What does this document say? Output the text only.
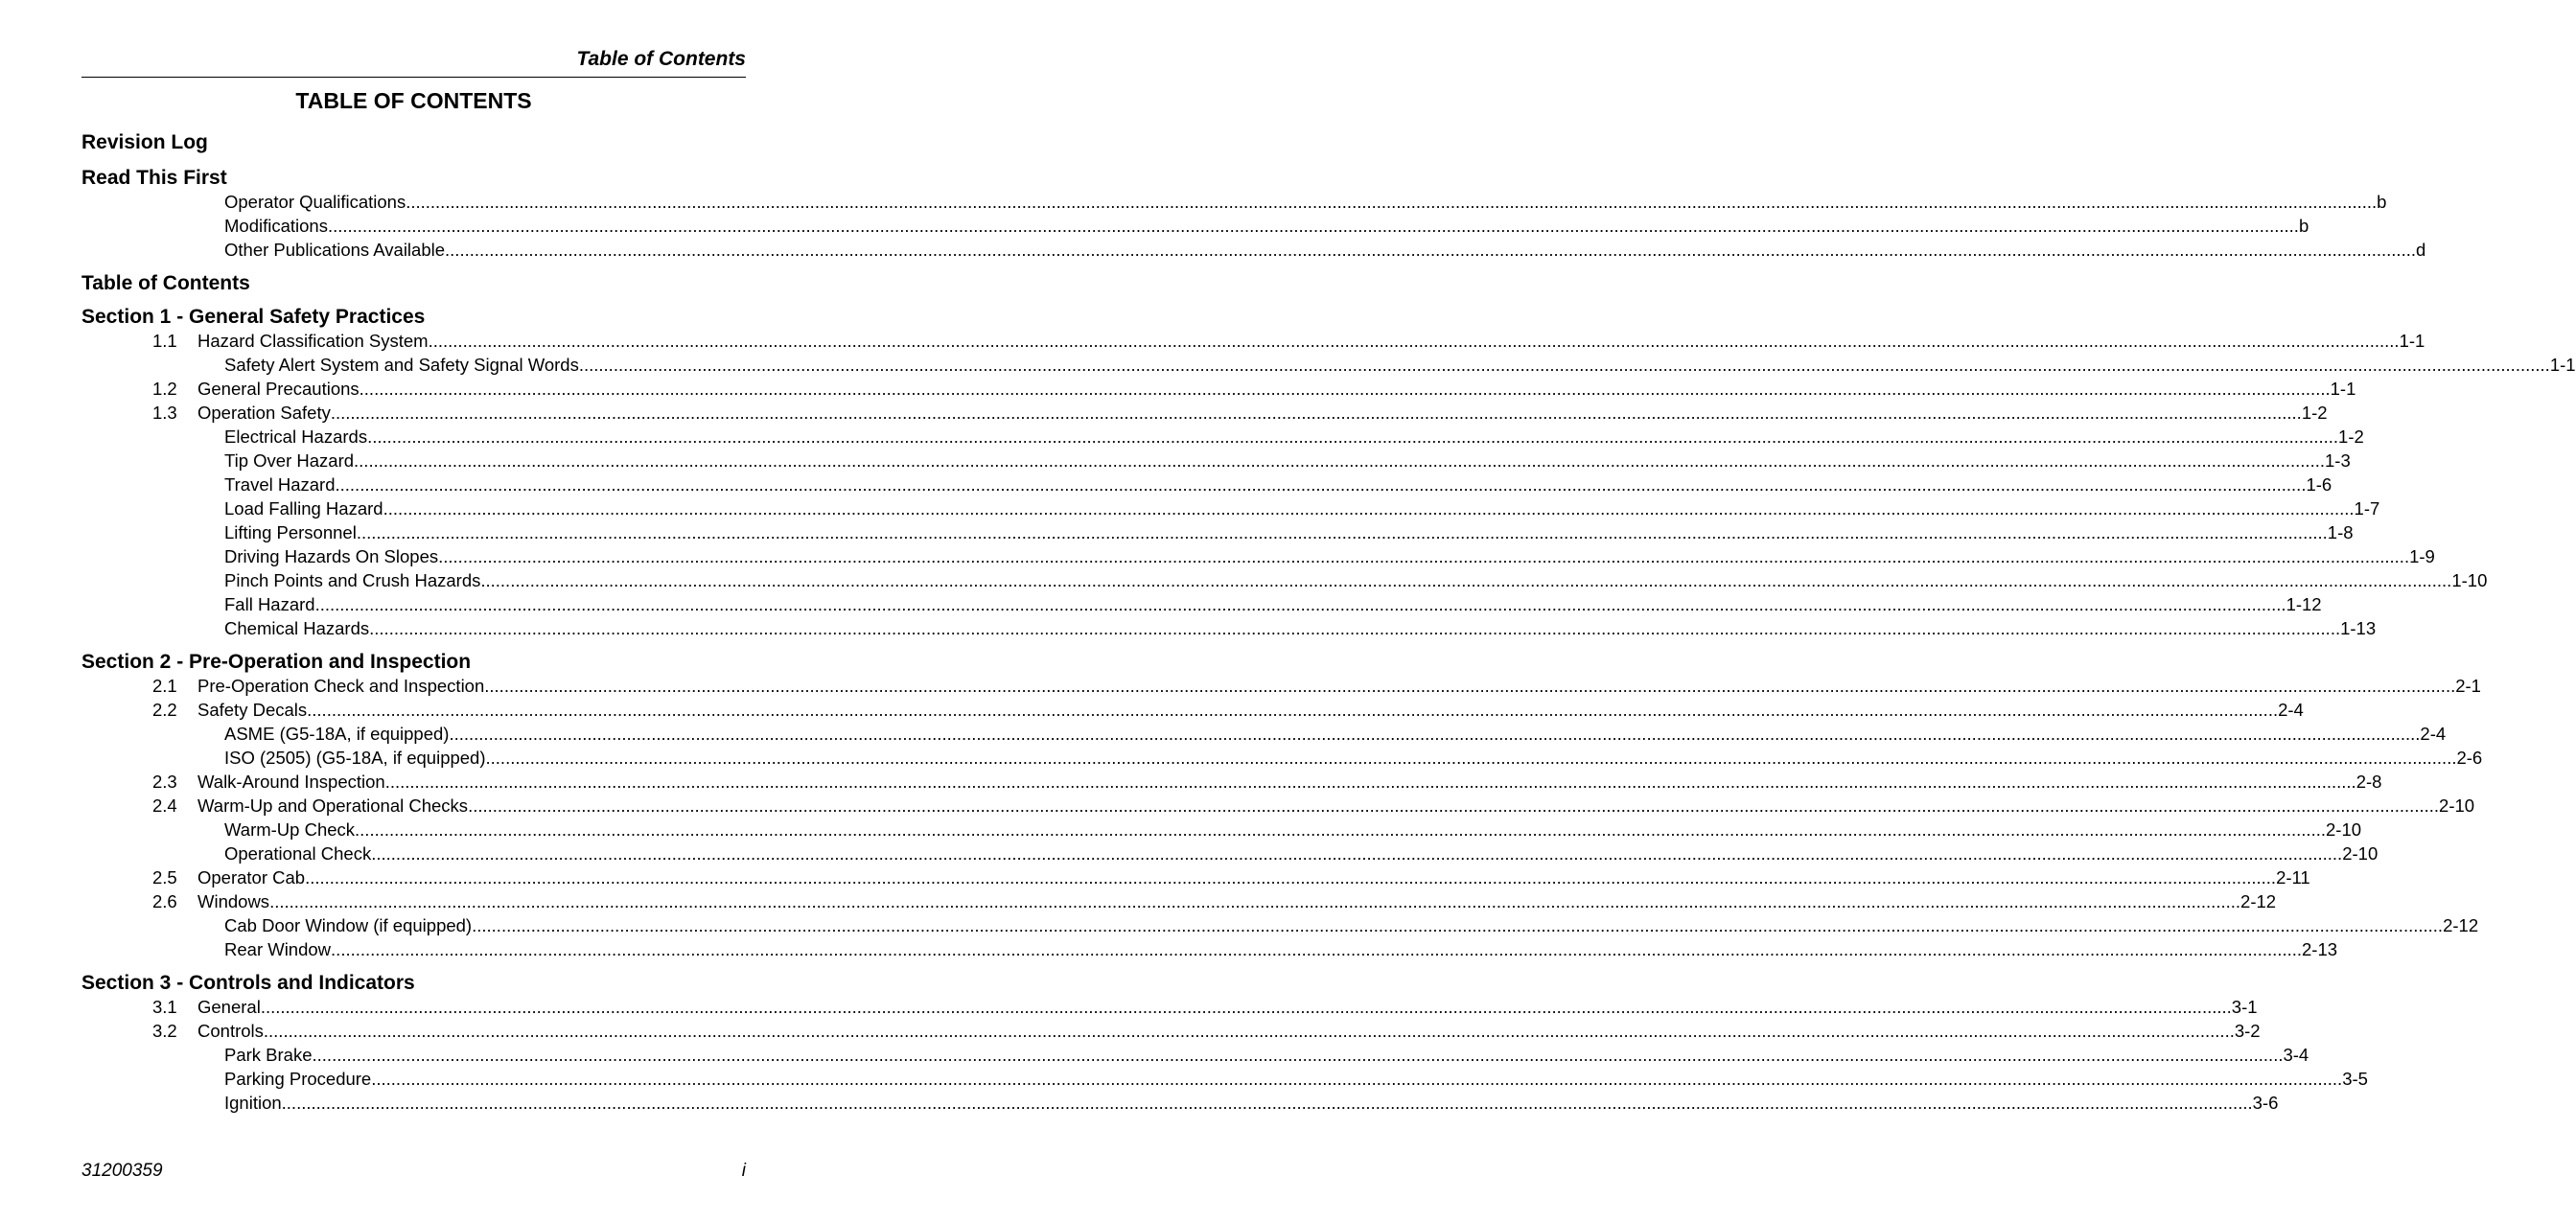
Table of Contents
TABLE OF CONTENTS
Revision Log
Read This First
Operator Qualifications ................................................................................................................................................................................................................................................................................................................................................................................................................ b
Modifications ................................................................................................................................................................................................................................................................................................................................................................................................................ b
Other Publications Available ................................................................................................................................................................................................................................................................................................................................................................................................................ d
Table of Contents
Section 1 - General Safety Practices
1.1 Hazard Classification System ................................................................................................................................................................................................................................................................................................................................................................................................................ 1-1
Safety Alert System and Safety Signal Words ................................................................................................................................................................................................................................................................................................................................................................................................................ 1-1
1.2 General Precautions ................................................................................................................................................................................................................................................................................................................................................................................................................ 1-1
1.3 Operation Safety ................................................................................................................................................................................................................................................................................................................................................................................................................ 1-2
Electrical Hazards ................................................................................................................................................................................................................................................................................................................................................................................................................ 1-2
Tip Over Hazard ................................................................................................................................................................................................................................................................................................................................................................................................................ 1-3
Travel Hazard ................................................................................................................................................................................................................................................................................................................................................................................................................ 1-6
Load Falling Hazard ................................................................................................................................................................................................................................................................................................................................................................................................................ 1-7
Lifting Personnel ................................................................................................................................................................................................................................................................................................................................................................................................................ 1-8
Driving Hazards On Slopes ................................................................................................................................................................................................................................................................................................................................................................................................................ 1-9
Pinch Points and Crush Hazards ................................................................................................................................................................................................................................................................................................................................................................................................................ 1-10
Fall Hazard ................................................................................................................................................................................................................................................................................................................................................................................................................ 1-12
Chemical Hazards ................................................................................................................................................................................................................................................................................................................................................................................................................ 1-13
Section 2 - Pre-Operation and Inspection
2.1 Pre-Operation Check and Inspection ................................................................................................................................................................................................................................................................................................................................................................................................................ 2-1
2.2 Safety Decals ................................................................................................................................................................................................................................................................................................................................................................................................................ 2-4
ASME (G5-18A, if equipped) ................................................................................................................................................................................................................................................................................................................................................................................................................ 2-4
ISO (2505) (G5-18A, if equipped) ................................................................................................................................................................................................................................................................................................................................................................................................................ 2-6
2.3 Walk-Around Inspection ................................................................................................................................................................................................................................................................................................................................................................................................................ 2-8
2.4 Warm-Up and Operational Checks ................................................................................................................................................................................................................................................................................................................................................................................................................ 2-10
Warm-Up Check ................................................................................................................................................................................................................................................................................................................................................................................................................ 2-10
Operational Check ................................................................................................................................................................................................................................................................................................................................................................................................................ 2-10
2.5 Operator Cab ................................................................................................................................................................................................................................................................................................................................................................................................................ 2-11
2.6 Windows ................................................................................................................................................................................................................................................................................................................................................................................................................ 2-12
Cab Door Window (if equipped) ................................................................................................................................................................................................................................................................................................................................................................................................................ 2-12
Rear Window ................................................................................................................................................................................................................................................................................................................................................................................................................ 2-13
Section 3 - Controls and Indicators
3.1 General ................................................................................................................................................................................................................................................................................................................................................................................................................ 3-1
3.2 Controls ................................................................................................................................................................................................................................................................................................................................................................................................................ 3-2
Park Brake ................................................................................................................................................................................................................................................................................................................................................................................................................ 3-4
Parking Procedure ................................................................................................................................................................................................................................................................................................................................................................................................................ 3-5
Ignition ................................................................................................................................................................................................................................................................................................................................................................................................................ 3-6
31200359	i
